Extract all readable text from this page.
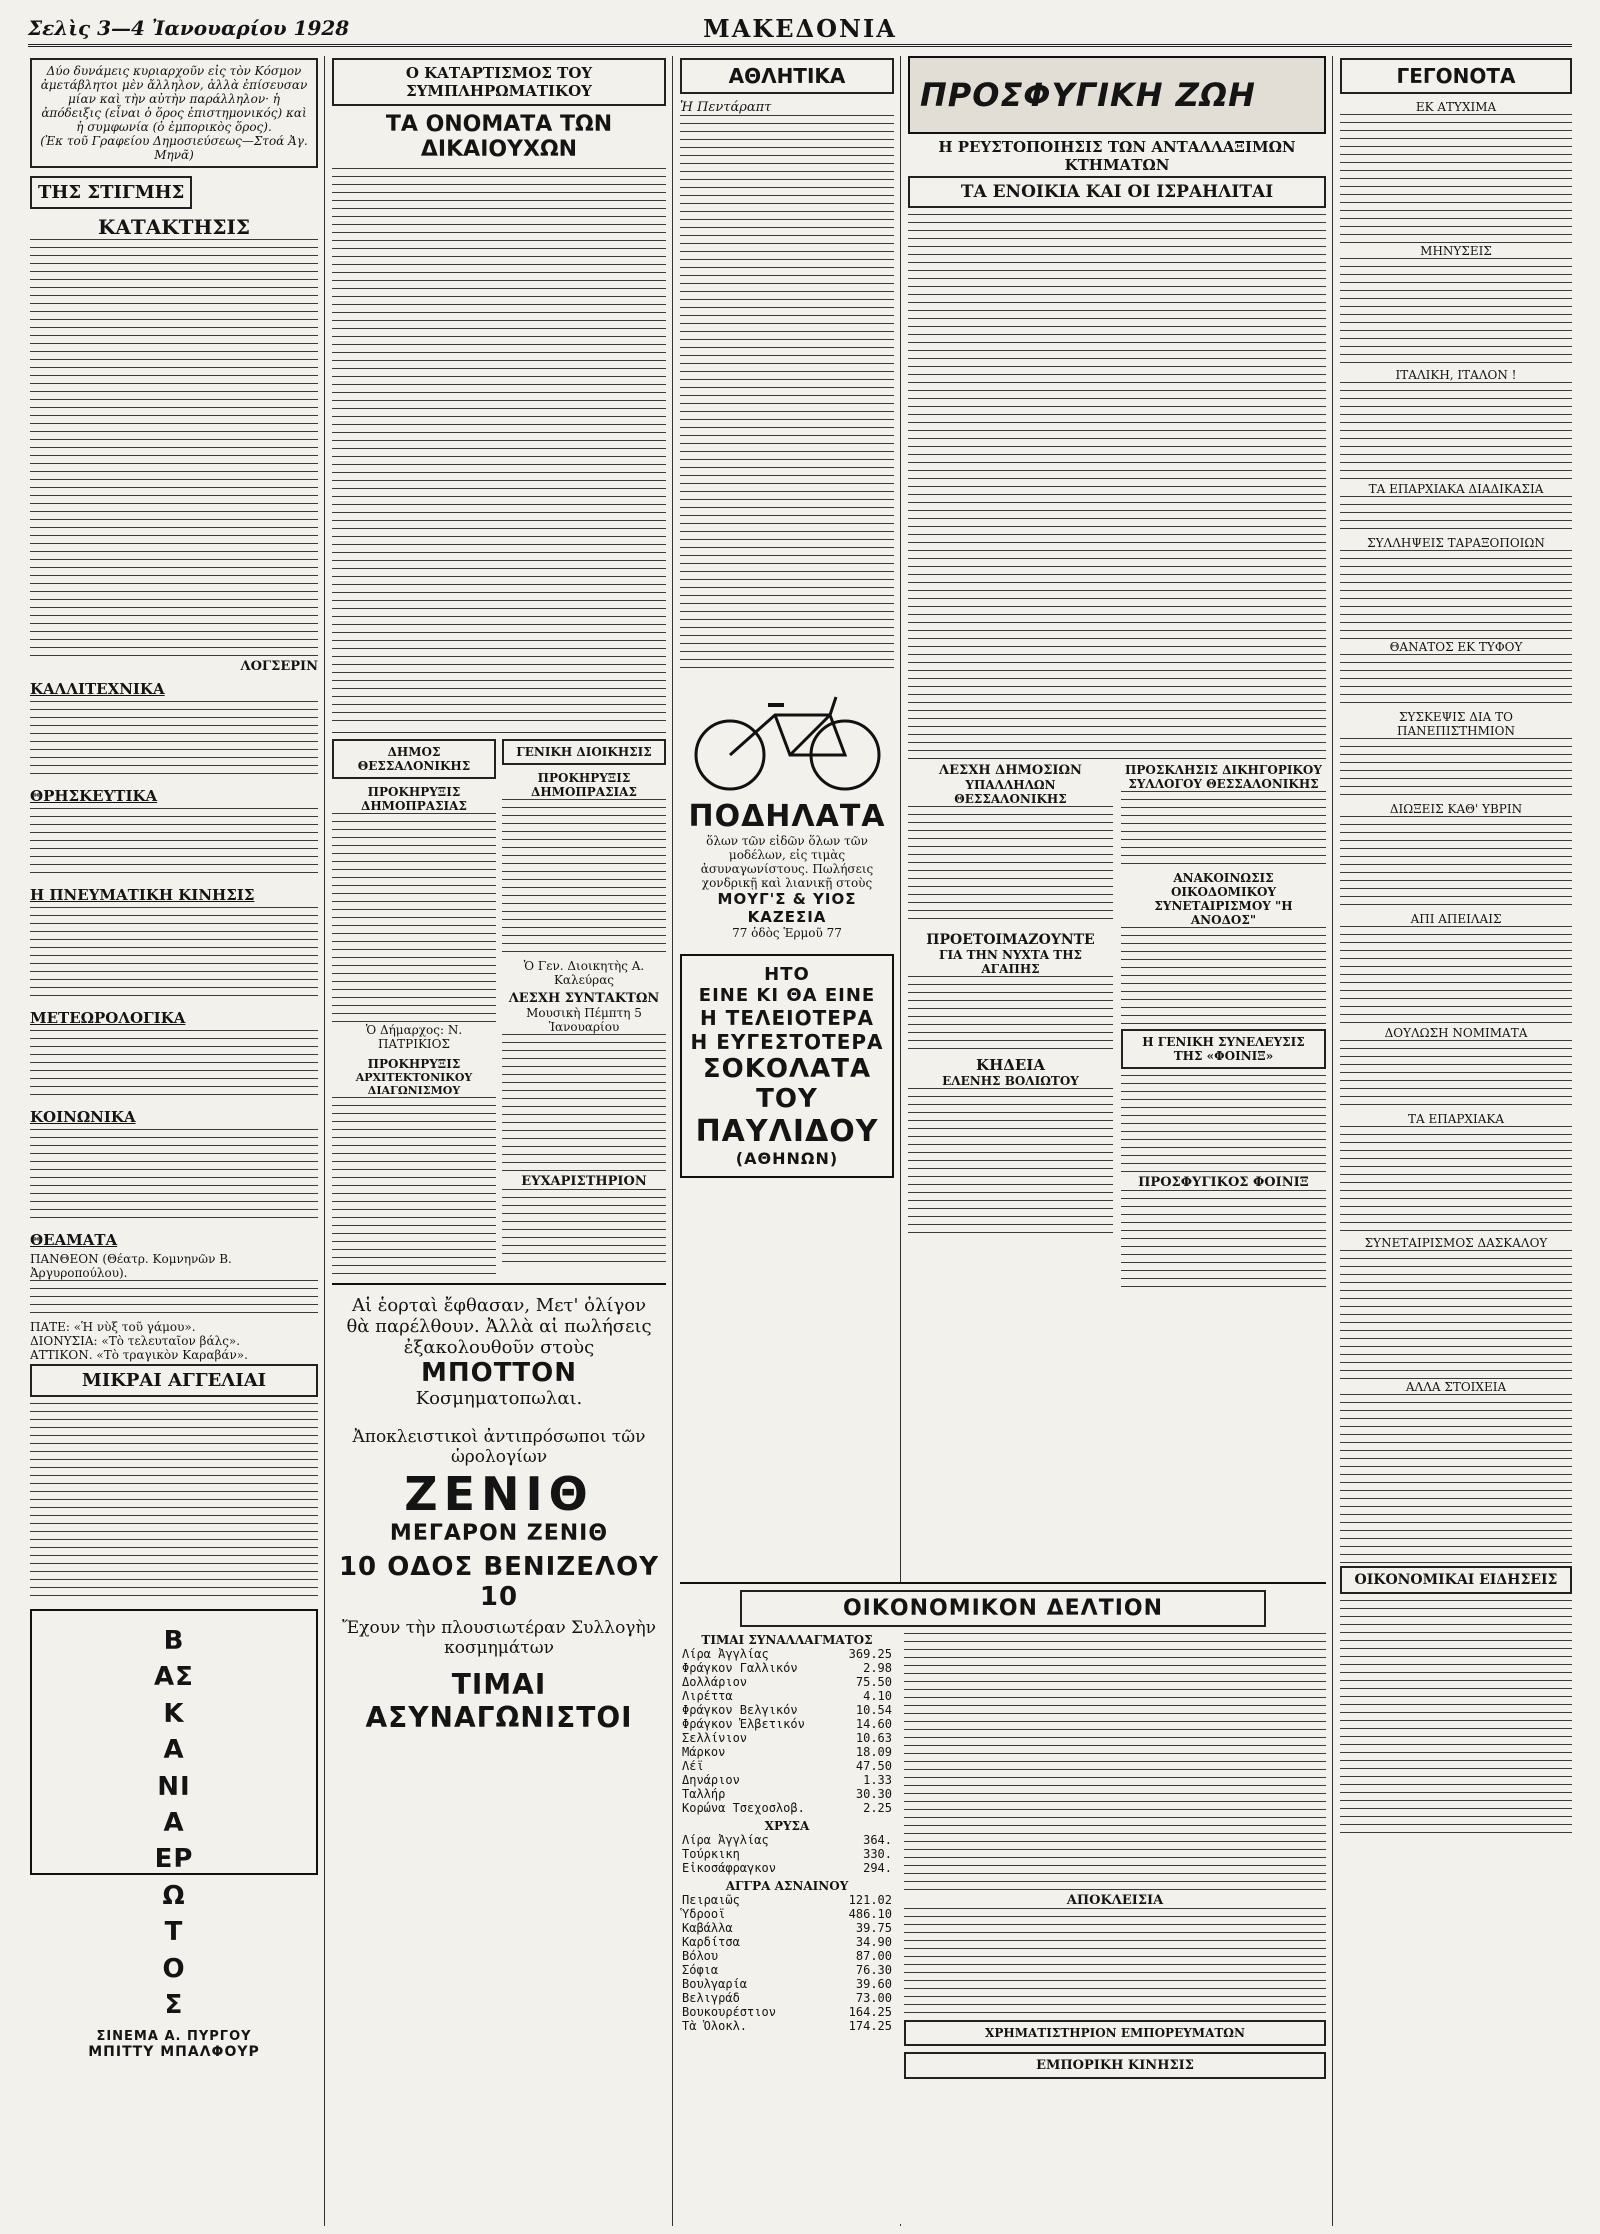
Σελὶς 3—4 Ἰανουαρίου 1928	ΜΑΚΕΔΟΝΙΑ
Δύο δυνάμεις κυριαρχοῦν εἰς τὸν Κόσμον ἀμετάβλητοι μὲν ἄλληλον, ἀλλὰ ἐπίσευσαν μίαν καὶ τὴν αὐτὴν παράλληλον· ἡ ἀπόδειξις (εἶναι ὁ ὅρος ἐπιστημονικός) καὶ ἡ συμφωνία (ὁ ἐμπορικὸς ὅρος).
(Ἐκ τοῦ Γραφείου Δημοσιεύσεως—Στοά Ἀγ. Μηνᾶ)
ΤΗΣ ΣΤΙΓΜΗΣ
ΚΑΤΑΚΤΗΣΙΣ
ΛΟΓΣΕΡΙΝ
ΚΑΛΛΙΤΕΧΝΙΚΑ
ΘΡΗΣΚΕΥΤΙΚΑ
Η ΠΝΕΥΜΑΤΙΚΗ ΚΙΝΗΣΙΣ
ΜΕΤΕΩΡΟΛΟΓΙΚΑ
ΚΟΙΝΩΝΙΚΑ
ΘΕΑΜΑΤΑ
ΠΑΝΘΕΟΝ (Θέατρ. Κομνηνῶν Β. Ἀργυροπούλου).
ΠΑΤΕ: «Ἡ νὺξ τοῦ γάμου».
ΔΙΟΝΥΣΙΑ: «Τὸ τελευταῖον βάλς».
ΑΤΤΙΚΟΝ. «Τὸ τραγικὸν Καραβάν».
ΜΙΚΡΑΙ ΑΓΓΕΛΙΑΙ
ΒΑΣΚΑΝΙΑ ΕΡΩΤΟΣ
ΣΙΝΕΜΑ Α. ΠΥΡΓΟΥ
ΜΠΙΤΤΥ ΜΠΑΛΦΟΥΡ
Ο ΚΑΤΑΡΤΙΣΜΟΣ ΤΟΥ ΣΥΜΠΛΗΡΩΜΑΤΙΚΟΥ
ΤΑ ΟΝΟΜΑΤΑ ΤΩΝ ΔΙΚΑΙΟΥΧΩΝ
ΔΗΜΟΣ ΘΕΣΣΑΛΟΝΙΚΗΣ
ΠΡΟΚΗΡΥΞΙΣ ΔΗΜΟΠΡΑΣΙΑΣ
Ὁ Δήμαρχος: Ν. ΠΑΤΡΙΚΙΟΣ
ΠΡΟΚΗΡΥΞΙΣ
ΑΡΧΙΤΕΚΤΟΝΙΚΟΥ ΔΙΑΓΩΝΙΣΜΟΥ
ΓΕΝΙΚΗ ΔΙΟΙΚΗΣΙΣ
ΠΡΟΚΗΡΥΞΙΣ ΔΗΜΟΠΡΑΣΙΑΣ
Ὁ Γεν. Διοικητὴς Α. Καλεύρας
ΛΕΣΧΗ ΣΥΝΤΑΚΤΩΝ
Μουσικὴ Πέμπτη 5 Ἰανουαρίου
ΕΥΧΑΡΙΣΤΗΡΙΟΝ
Αἱ ἑορταὶ ἔφθασαν, Μετ' ὀλίγον θὰ παρέλθουν. Ἀλλὰ αἱ πωλήσεις ἐξακολουθοῦν στοὺς ΜΠΟΤΤΟΝ Κοσμηματοπωλαι.
Ἀποκλειστικοὶ ἀντιπρόσωποι τῶν ὡρολογίων
ΖΕΝΙΘ
ΜΕΓΑΡΟΝ ΖΕΝΙΘ
10 ΟΔΟΣ ΒΕΝΙΖΕΛΟΥ 10
Ἔχουν τὴν πλουσιωτέραν Συλλογὴν κοσμημάτων
ΤΙΜΑΙ ΑΣΥΝΑΓΩΝΙΣΤΟΙ
ΑΘΛΗΤΙΚΑ
Ἡ Πεντάραπτ
ΠΟΔΗΛΑΤΑ
ὅλων τῶν εἰδῶν ὅλων τῶν μοδέλων, εἰς τιμὰς ἀσυναγωνίστους. Πωλήσεις χονδρικῇ καὶ λιανικῇ στοὺς
ΜΟΥΓ'Σ & ΥΙΟΣ ΚΑΖΕΣΙΑ
77 ὁδὸς Ἑρμοῦ 77
ΗΤΟ
ΕΙΝΕ ΚΙ ΘΑ ΕΙΝΕ
Η ΤΕΛΕΙΟΤΕΡΑ
Η ΕΥΓΕΣΤΟΤΕΡΑ
ΣΟΚΟΛΑΤΑ ΤΟΥ
ΠΑΥΛΙΔΟΥ
(ΑΘΗΝΩΝ)
ΠΡΟΣΦΥΓΙΚΗ ΖΩΗ
Η ΡΕΥΣΤΟΠΟΙΗΣΙΣ ΤΩΝ ΑΝΤΑΛΛΑΞΙΜΩΝ ΚΤΗΜΑΤΩΝ
ΤΑ ΕΝΟΙΚΙΑ ΚΑΙ ΟΙ ΙΣΡΑΗΛΙΤΑΙ
ΛΕΣΧΗ ΔΗΜΟΣΙΩΝ
ΥΠΑΛΛΗΛΩΝ ΘΕΣΣΑΛΟΝΙΚΗΣ
ΠΡΟΕΤΟΙΜΑΖΟΥΝΤΕ
ΓΙΑ ΤΗΝ ΝΥΧΤΑ ΤΗΣ ΑΓΑΠΗΣ
ΚΗΔΕΙΑ
ΕΛΕΝΗΣ ΒΟΛΙΩΤΟΥ
ΠΡΟΣΚΛΗΣΙΣ ΔΙΚΗΓΟΡΙΚΟΥ ΣΥΛΛΟΓΟΥ ΘΕΣΣΑΛΟΝΙΚΗΣ
ΑΝΑΚΟΙΝΩΣΙΣ ΟΙΚΟΔΟΜΙΚΟΥ ΣΥΝΕΤΑΙΡΙΣΜΟΥ "Η ΑΝΟΔΟΣ"
Η ΓΕΝΙΚΗ ΣΥΝΕΛΕΥΣΙΣ ΤΗΣ «ΦΟΙΝΙΞ»
ΠΡΟΣΦΥΓΙΚΟΣ ΦΟΙΝΙΞ
ΟΙΚΟΝΟΜΙΚΟΝ ΔΕΛΤΙΟΝ
ΤΙΜΑΙ ΣΥΝΑΛΛΑΓΜΑΤΟΣ
Λίρα Ἀγγλίας	369.25
Φράγκον Γαλλικόν	2.98
Δολλάριον	75.50
Λιρέττα	4.10
Φράγκον Βελγικόν	10.54
Φράγκον Ἑλβετικόν	14.60
Σελλίνιον	10.63
Μάρκον	18.09
Λέϊ	47.50
Δηνάριον	1.33
Ταλλήρ	30.30
Κορώνα Τσεχοσλοβ.	2.25
ΧΡΥΣΑ
Λίρα Ἀγγλίας	364.
Τούρκικη	330.
Εἰκοσάφραγκον	294.
ΑΓΓΡΑ ΑΣΝΑΙΝΟΥ
Πειραιῶς	121.02
Ὑδροοϊ	486.10
Καβάλλα	39.75
Καρδίτσα	34.90
Βόλου	87.00
Σόφια	76.30
Βουλγαρία	39.60
Βελιγράδ	73.00
Βουκουρέστιον	164.25
Τὰ Ὁλοκλ.	174.25
ΑΠΟΚΛΕΙΣΙΑ
ΧΡΗΜΑΤΙΣΤΗΡΙΟΝ ΕΜΠΟΡΕΥΜΑΤΩΝ
ΕΜΠΟΡΙΚΗ ΚΙΝΗΣΙΣ
ΓΕΓΟΝΟΤΑ
ΕΚ ΑΤΥΧΙΜΑ
ΜΗΝΥΣΕΙΣ
ΙΤΑΛΙΚΗ, ΙΤΑΛΟΝ !
ΤΑ ΕΠΑΡΧΙΑΚΑ ΔΙΑΔΙΚΑΣΙΑ
ΣΥΛΛΗΨΕΙΣ ΤΑΡΑΞΟΠΟΙΩΝ
ΘΑΝΑΤΟΣ ΕΚ ΤΥΦΟΥ
ΣΥΣΚΕΨΙΣ ΔΙΑ ΤΟ ΠΑΝΕΠΙΣΤΗΜΙΟΝ
ΔΙΩΞΕΙΣ ΚΑΘ' ΥΒΡΙΝ
ΑΠΙ ΑΠΕΙΛΑΙΣ
ΔΟΥΛΩΣΗ ΝΟΜΙΜΑΤΑ
ΤΑ ΕΠΑΡΧΙΑΚΑ
ΣΥΝΕΤΑΙΡΙΣΜΟΣ ΔΑΣΚΑΛΟΥ
ΑΛΛΑ ΣΤΟΙΧΕΙΑ
ΟΙΚΟΝΟΜΙΚΑΙ ΕΙΔΗΣΕΙΣ
